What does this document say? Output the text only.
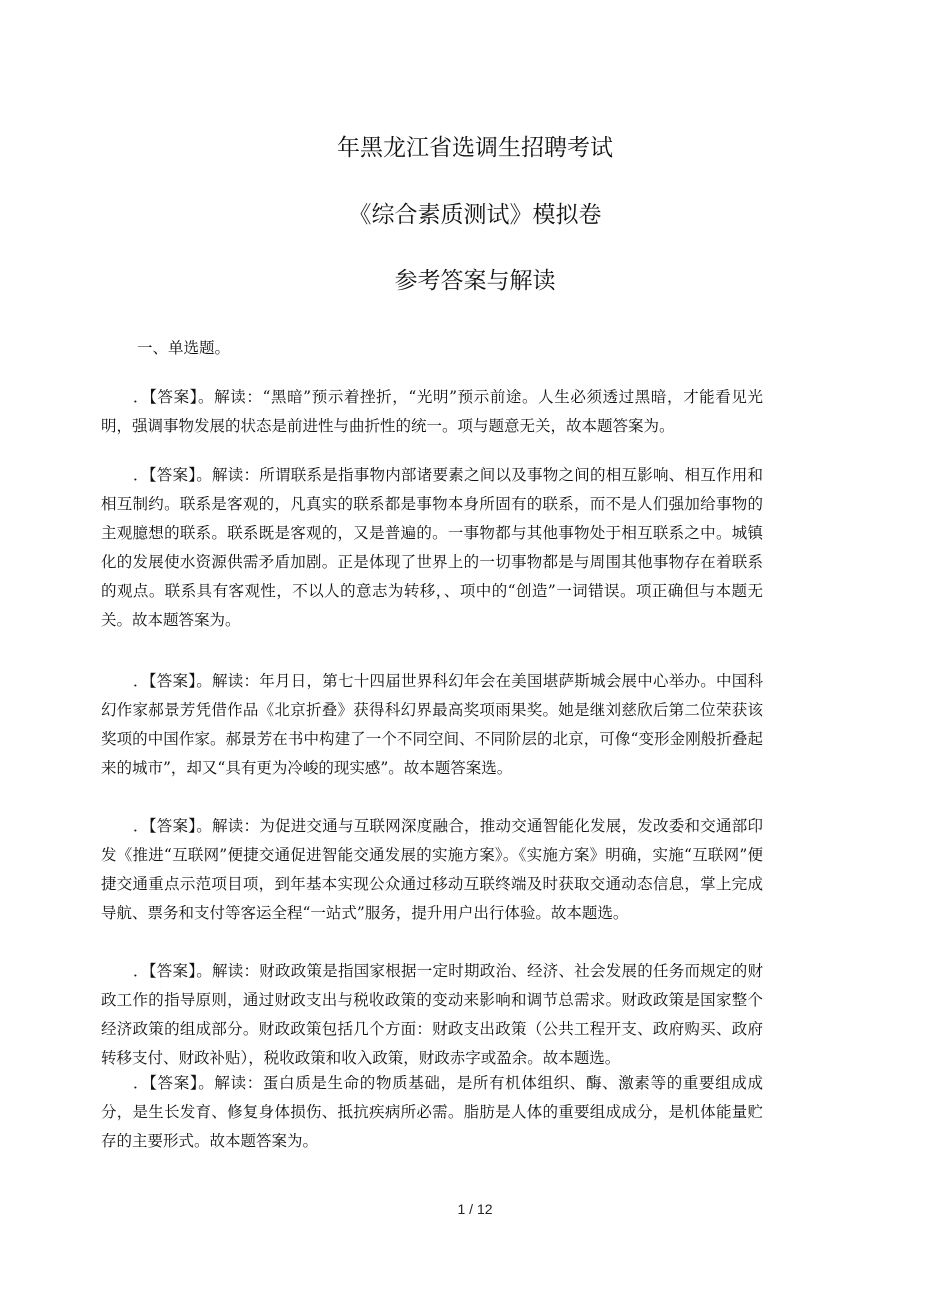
年黑龙江省选调生招聘考试
《综合素质测试》模拟卷
参考答案与解读

一、单选题。

．【答案】。解读：“黑暗”预示着挫折，“光明”预示前途。人生必须透过黑暗，才能看见光明，强调事物发展的状态是前进性与曲折性的统一。项与题意无关，故本题答案为。

．【答案】。解读：所谓联系是指事物内部诸要素之间以及事物之间的相互影响、相互作用和相互制约。联系是客观的，凡真实的联系都是事物本身所固有的联系，而不是人们强加给事物的主观臆想的联系。联系既是客观的，又是普遍的。一事物都与其他事物处于相互联系之中。城镇化的发展使水资源供需矛盾加剧。正是体现了世界上的一切事物都是与周围其他事物存在着联系的观点。联系具有客观性，不以人的意志为转移，、项中的“创造”一词错误。项正确但与本题无关。故本题答案为。

．【答案】。解读：年月日，第七十四届世界科幻年会在美国堪萨斯城会展中心举办。中国科幻作家郝景芳凭借作品《北京折叠》获得科幻界最高奖项雨果奖。她是继刘慈欣后第二位荣获该奖项的中国作家。郝景芳在书中构建了一个不同空间、不同阶层的北京，可像“变形金刚般折叠起来的城市”，却又“具有更为冷峻的现实感”。故本题答案选。

．【答案】。解读：为促进交通与互联网深度融合，推动交通智能化发展，发改委和交通部印发《推进“互联网”便捷交通促进智能交通发展的实施方案》。《实施方案》明确，实施“互联网”便捷交通重点示范项目项，到年基本实现公众通过移动互联终端及时获取交通动态信息，掌上完成导航、票务和支付等客运全程“一站式”服务，提升用户出行体验。故本题选。

．【答案】。解读：财政政策是指国家根据一定时期政治、经济、社会发展的任务而规定的财政工作的指导原则，通过财政支出与税收政策的变动来影响和调节总需求。财政政策是国家整个经济政策的组成部分。财政政策包括几个方面：财政支出政策（公共工程开支、政府购买、政府转移支付、财政补贴），税收政策和收入政策，财政赤字或盈余。故本题选。

．【答案】。解读：蛋白质是生命的物质基础，是所有机体组织、酶、激素等的重要组成成分，是生长发育、修复身体损伤、抵抗疾病所必需。脂肪是人体的重要组成成分，是机体能量贮存的主要形式。故本题答案为。

1 / 12
